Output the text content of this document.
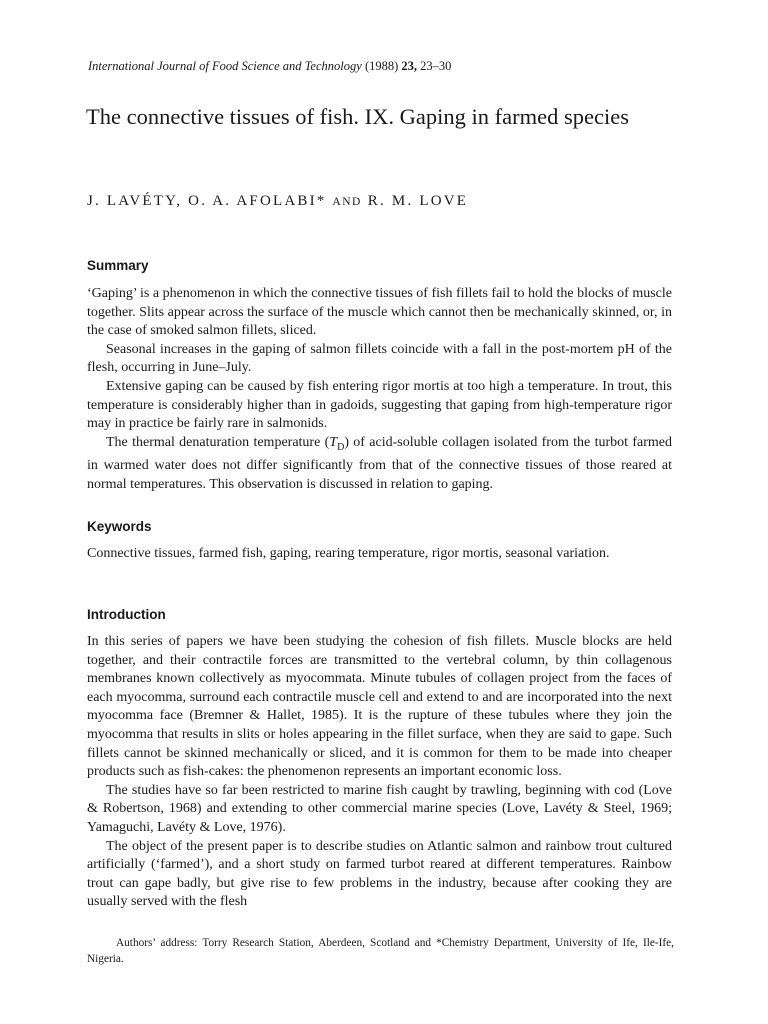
International Journal of Food Science and Technology (1988) 23, 23–30
The connective tissues of fish. IX. Gaping in farmed species
J. LAVÉTY, O. A. AFOLABI* AND R. M. LOVE
Summary

‘Gaping’ is a phenomenon in which the connective tissues of fish fillets fail to hold the blocks of muscle together. Slits appear across the surface of the muscle which cannot then be mechanically skinned, or, in the case of smoked salmon fillets, sliced.

Seasonal increases in the gaping of salmon fillets coincide with a fall in the post-mortem pH of the flesh, occurring in June–July.

Extensive gaping can be caused by fish entering rigor mortis at too high a temperature. In trout, this temperature is considerably higher than in gadoids, suggesting that gaping from high-temperature rigor may in practice be fairly rare in salmonids.

The thermal denaturation temperature $(T_D)$ of acid-soluble collagen isolated from the turbot farmed in warmed water does not differ significantly from that of the connective tissues of those reared at normal temperatures. This observation is discussed in relation to gaping.

Keywords

Connective tissues, farmed fish, gaping, rearing temperature, rigor mortis, seasonal variation.

Introduction

In this series of papers we have been studying the cohesion of fish fillets. Muscle blocks are held together, and their contractile forces are transmitted to the vertebral column, by thin collagenous membranes known collectively as myocommata. Minute tubules of collagen project from the faces of each myocomma, surround each contractile muscle cell and extend to and are incorporated into the next myocomma face (Bremner & Hallet, 1985). It is the rupture of these tubules where they join the myocomma that results in slits or holes appearing in the fillet surface, when they are said to gape. Such fillets cannot be skinned mechanically or sliced, and it is common for them to be made into cheaper products such as fish-cakes: the phenomenon represents an important economic loss.

The studies have so far been restricted to marine fish caught by trawling, beginning with cod (Love & Robertson, 1968) and extending to other commercial marine species (Love, Lavéty & Steel, 1969; Yamaguchi, Lavéty & Love, 1976).

The object of the present paper is to describe studies on Atlantic salmon and rainbow trout cultured artificially (‘farmed’), and a short study on farmed turbot reared at different temperatures. Rainbow trout can gape badly, but give rise to few problems in the industry, because after cooking they are usually served with the flesh

Authors’ address: Torry Research Station, Aberdeen, Scotland and *Chemistry Department, University of Ife, Ile-Ife, Nigeria.
